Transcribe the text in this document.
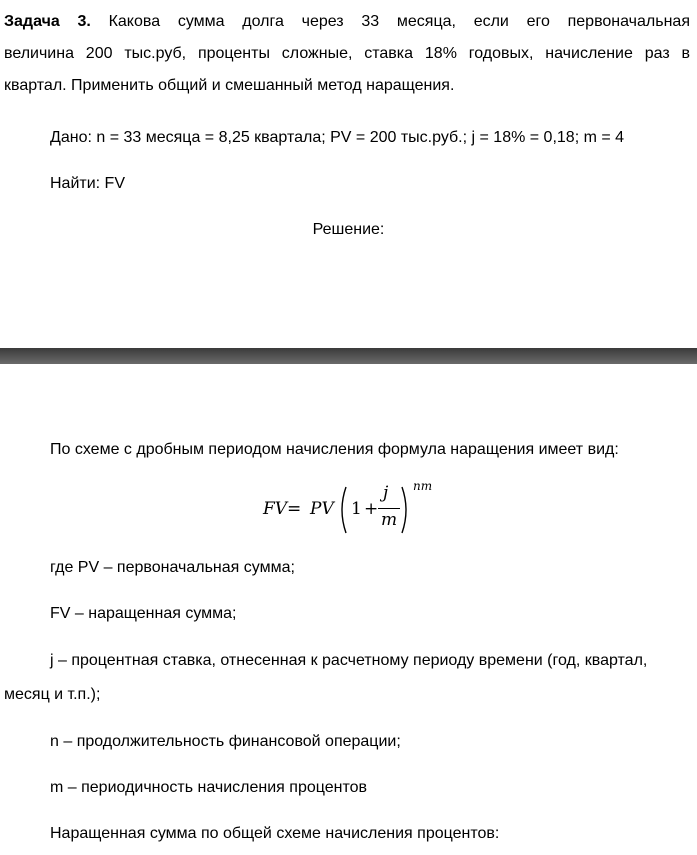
Задача 3. Какова сумма долга через 33 месяца, если его первоначальная

величина 200 тыс.руб, проценты сложные, ставка 18% годовых, начисление раз в

квартал. Применить общий и смешанный метод наращения.

Дано: n = 33 месяца = 8,25 квартала; PV = 200 тыс.руб.; j = 18% = 0,18; m = 4

Найти: FV

Решение:

По схеме с дробным периодом начисления формула наращения имеет вид:

FV = PV 1 +
j
m
nm

где PV – первоначальная сумма;

FV – наращенная сумма;

j – процентная ставка, отнесенная к расчетному периоду времени (год, квартал,

месяц и т.п.);

n – продолжительность финансовой операции;

m – периодичность начисления процентов

Наращенная сумма по общей схеме начисления процентов:
